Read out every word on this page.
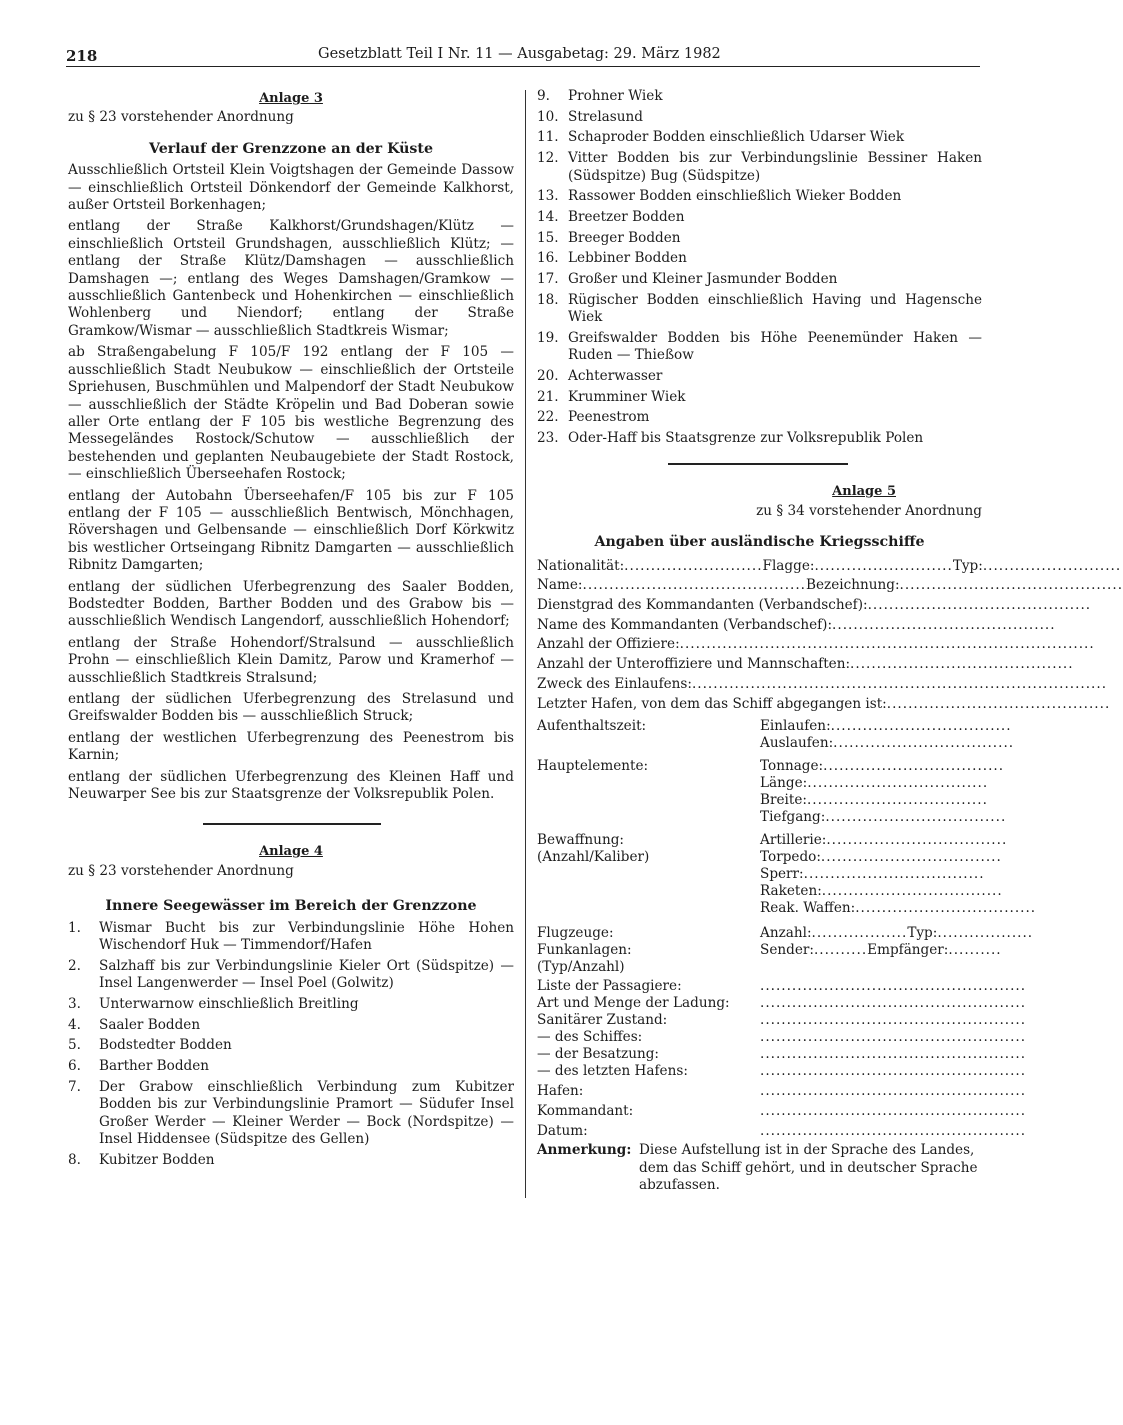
218	Gesetzblatt Teil I Nr. 11 — Ausgabetag: 29. März 1982
Anlage 3
zu § 23 vorstehender Anordnung
Verlauf der Grenzzone an der Küste
Ausschließlich Ortsteil Klein Voigtshagen der Gemeinde Dassow — einschließlich Ortsteil Dönkendorf der Gemeinde Kalkhorst, außer Ortsteil Borkenhagen;
entlang der Straße Kalkhorst/Grundshagen/Klütz — einschließlich Ortsteil Grundshagen, ausschließlich Klütz; — entlang der Straße Klütz/Damshagen — ausschließlich Damshagen —; entlang des Weges Damshagen/Gramkow — ausschließlich Gantenbeck und Hohenkirchen — einschließlich Wohlenberg und Niendorf; entlang der Straße Gramkow/Wismar — ausschließlich Stadtkreis Wismar;
ab Straßengabelung F 105/F 192 entlang der F 105 — ausschließlich Stadt Neubukow — einschließlich der Ortsteile Spriehusen, Buschmühlen und Malpendorf der Stadt Neubukow — ausschließlich der Städte Kröpelin und Bad Doberan sowie aller Orte entlang der F 105 bis westliche Begrenzung des Messegeländes Rostock/Schutow — ausschließlich der bestehenden und geplanten Neubaugebiete der Stadt Rostock, — einschließlich Überseehafen Rostock;
entlang der Autobahn Überseehafen/F 105 bis zur F 105 entlang der F 105 — ausschließlich Bentwisch, Mönchhagen, Rövershagen und Gelbensande — einschließlich Dorf Körkwitz bis westlicher Ortseingang Ribnitz Damgarten — ausschließlich Ribnitz Damgarten;
entlang der südlichen Uferbegrenzung des Saaler Bodden, Bodstedter Bodden, Barther Bodden und des Grabow bis — ausschließlich Wendisch Langendorf, ausschließlich Hohendorf;
entlang der Straße Hohendorf/Stralsund — ausschließlich Prohn — einschließlich Klein Damitz, Parow und Kramerhof — ausschließlich Stadtkreis Stralsund;
entlang der südlichen Uferbegrenzung des Strelasund und Greifswalder Bodden bis — ausschließlich Struck;
entlang der westlichen Uferbegrenzung des Peenestrom bis Karnin;
entlang der südlichen Uferbegrenzung des Kleinen Haff und Neuwarper See bis zur Staatsgrenze der Volksrepublik Polen.
Anlage 4
zu § 23 vorstehender Anordnung
Innere Seegewässer im Bereich der Grenzzone
1.	Wismar Bucht bis zur Verbindungslinie Höhe Hohen Wischendorf Huk — Timmendorf/Hafen
2.	Salzhaff bis zur Verbindungslinie Kieler Ort (Südspitze) — Insel Langenwerder — Insel Poel (Golwitz)
3.	Unterwarnow einschließlich Breitling
4.	Saaler Bodden
5.	Bodstedter Bodden
6.	Barther Bodden
7.	Der Grabow einschließlich Verbindung zum Kubitzer Bodden bis zur Verbindungslinie Pramort — Südufer Insel Großer Werder — Kleiner Werder — Bock (Nordspitze) — Insel Hiddensee (Südspitze des Gellen)
8.	Kubitzer Bodden
9.	Prohner Wiek
10. Strelasund
11. Schaproder Bodden einschließlich Udarser Wiek
12. Vitter Bodden bis zur Verbindungslinie Bessiner Haken (Südspitze) Bug (Südspitze)
13. Rassower Bodden einschließlich Wieker Bodden
14. Breetzer Bodden
15. Breeger Bodden
16. Lebbiner Bodden
17. Großer und Kleiner Jasmunder Bodden
18. Rügischer Bodden einschließlich Having und Hagensche Wiek
19. Greifswalder Bodden bis Höhe Peenemünder Haken — Ruden — Thießow
20. Achterwasser
21. Krumminer Wiek
22. Peenestrom
23. Oder-Haff bis Staatsgrenze zur Volksrepublik Polen
Anlage 5
zu § 34 vorstehender Anordnung
Angaben über ausländische Kriegsschiffe
Nationalität: .......................... Flagge: .......................... Typ: ..........................
Name: .......................................... Bezeichnung: ..........................................
Dienstgrad des Kommandanten (Verbandschef): ..........................................
Name des Kommandanten (Verbandschef): ..........................................
Anzahl der Offiziere: ..............................................................................
Anzahl der Unteroffiziere und Mannschaften: ..........................................
Zweck des Einlaufens: ..............................................................................
Letzter Hafen, von dem das Schiff abgegangen ist: ..........................................
Aufenthaltszeit:	Einlaufen: ..................................
Auslaufen: ..................................
Hauptelemente:	Tonnage: ..................................
Länge: ..................................
Breite: ..................................
Tiefgang: ..................................
Bewaffnung:	Artillerie: ..................................
(Anzahl/Kaliber)	Torpedo: ..................................
Sperr: ..................................
Raketen: ..................................
Reak. Waffen: ..................................
Flugzeuge:	Anzahl: .................. Typ: ..................
Funkanlagen:	Sender: .......... Empfänger: ..........
(Typ/Anzahl)
Liste der Passagiere:	..................................................
Art und Menge der Ladung:	..................................................
Sanitärer Zustand:	..................................................
— des Schiffes:	..................................................
— der Besatzung:	..................................................
— des letzten Hafens:	..................................................
Hafen:	..................................................
Kommandant:	..................................................
Datum:	..................................................
Anmerkung: Diese Aufstellung ist in der Sprache des Landes, dem das Schiff gehört, und in deutscher Sprache abzufassen.
